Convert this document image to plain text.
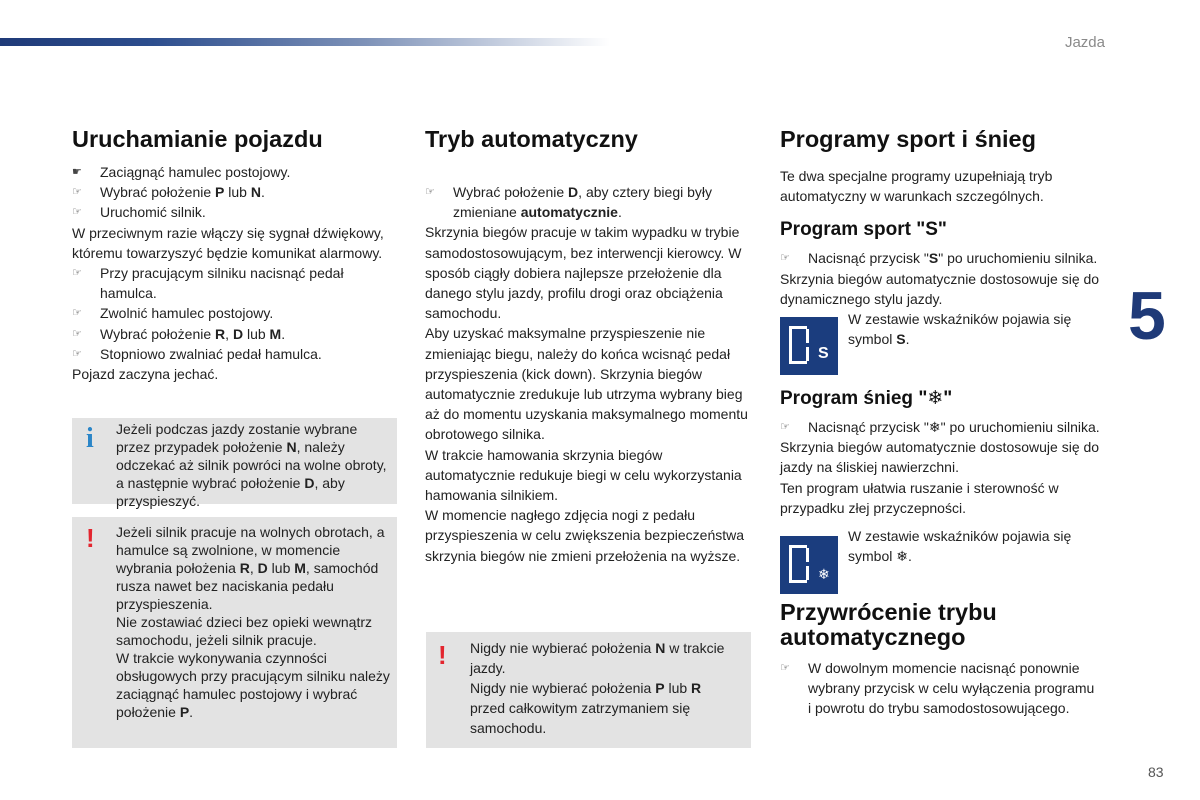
Jazda
5
83
Uruchamianie pojazdu

☛ Zaciągnąć hamulec postojowy.

☞ Wybrać położenie P lub N.

☞ Uruchomić silnik.

W przeciwnym razie włączy się sygnał dźwiękowy, któremu towarzyszyć będzie komunikat alarmowy.

☞ Przy pracującym silniku nacisnąć pedał hamulca.

☞ Zwolnić hamulec postojowy.

☞ Wybrać położenie R, D lub M.

☞ Stopniowo zwalniać pedał hamulca.

Pojazd zaczyna jechać.

i Jeżeli podczas jazdy zostanie wybrane przez przypadek położenie N, należy odczekać aż silnik powróci na wolne obroty, a następnie wybrać położenie D, aby przyspieszyć.
! Jeżeli silnik pracuje na wolnych obrotach, a hamulce są zwolnione, w momencie wybrania położenia R, D lub M, samochód rusza nawet bez naciskania pedału przyspieszenia.
Nie zostawiać dzieci bez opieki wewnątrz samochodu, jeżeli silnik pracuje.
W trakcie wykonywania czynności obsługowych przy pracującym silniku należy zaciągnąć hamulec postojowy i wybrać położenie P.
Tryb automatyczny

☞ Wybrać położenie D, aby cztery biegi były zmieniane automatycznie.

Skrzynia biegów pracuje w takim wypadku w trybie samodostosowującym, bez interwencji kierowcy. W sposób ciągły dobiera najlepsze przełożenie dla danego stylu jazdy, profilu drogi oraz obciążenia samochodu.

Aby uzyskać maksymalne przyspieszenie nie zmieniając biegu, należy do końca wcisnąć pedał przyspieszenia (kick down). Skrzynia biegów automatycznie zredukuje lub utrzyma wybrany bieg aż do momentu uzyskania maksymalnego momentu obrotowego silnika.

W trakcie hamowania skrzynia biegów automatycznie redukuje biegi w celu wykorzystania hamowania silnikiem.

W momencie nagłego zdjęcia nogi z pedału przyspieszenia w celu zwiększenia bezpieczeństwa skrzynia biegów nie zmieni przełożenia na wyższe.

! Nigdy nie wybierać położenia N w trakcie jazdy.
Nigdy nie wybierać położenia P lub R przed całkowitym zatrzymaniem się samochodu.
Programy sport i śnieg

Te dwa specjalne programy uzupełniają tryb automatyczny w warunkach szczególnych.

Program sport "S"

☞ Nacisnąć przycisk "S" po uruchomieniu silnika.

Skrzynia biegów automatycznie dostosowuje się do dynamicznego stylu jazdy.

S
W zestawie wskaźników pojawia się symbol S.
Program śnieg "❄"

☞ Nacisnąć przycisk "❄" po uruchomieniu silnika.

Skrzynia biegów automatycznie dostosowuje się do jazdy na śliskiej nawierzchni.

Ten program ułatwia ruszanie i sterowność w przypadku złej przyczepności.

❄
W zestawie wskaźników pojawia się symbol ❄.
Przywrócenie trybu automatycznego

☞ W dowolnym momencie nacisnąć ponownie wybrany przycisk w celu wyłączenia programu i powrotu do trybu samodostosowującego.
